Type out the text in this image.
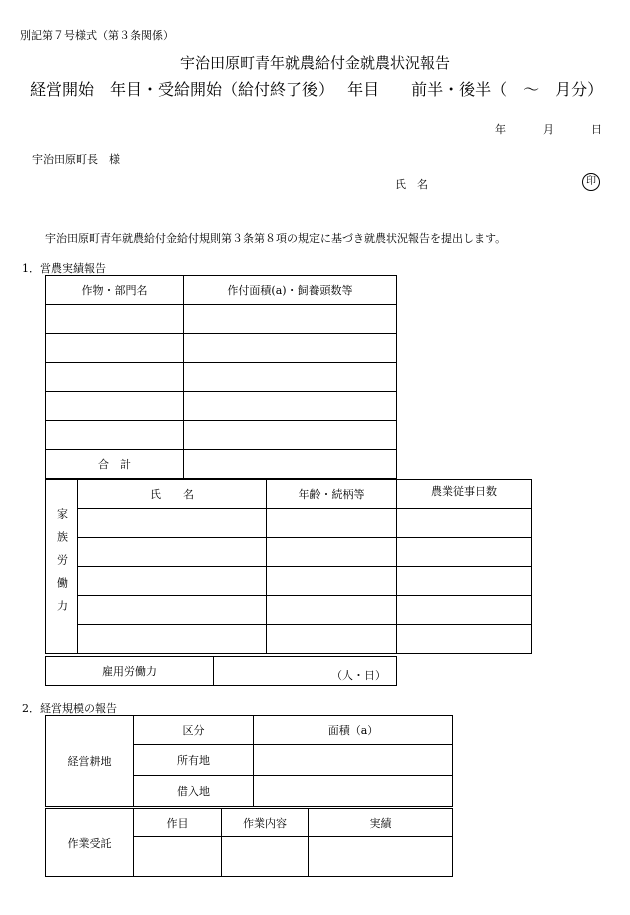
別記第７号様式（第３条関係）
宇治田原町青年就農給付金就農状況報告
経営開始　年目・受給開始（給付終了後）　 年目　　前半・後半（　～　月分）
年	月	日
宇治田原町長　様
氏　名	印
宇治田原町青年就農給付金給付規則第３条第８項の規定に基づき就農状況報告を提出します。
1．営農実績報告
作物・部門名	作付面積(a)・飼養頭数等

合　計	
家族労働力	氏　　名	年齢・続柄等	農業従事日数

雇用労働力	（人・日）
2．経営規模の報告
経営耕地	区分	面積（a）
	所有地	
	借入地	
作業受託	作目	作業内容	実績
